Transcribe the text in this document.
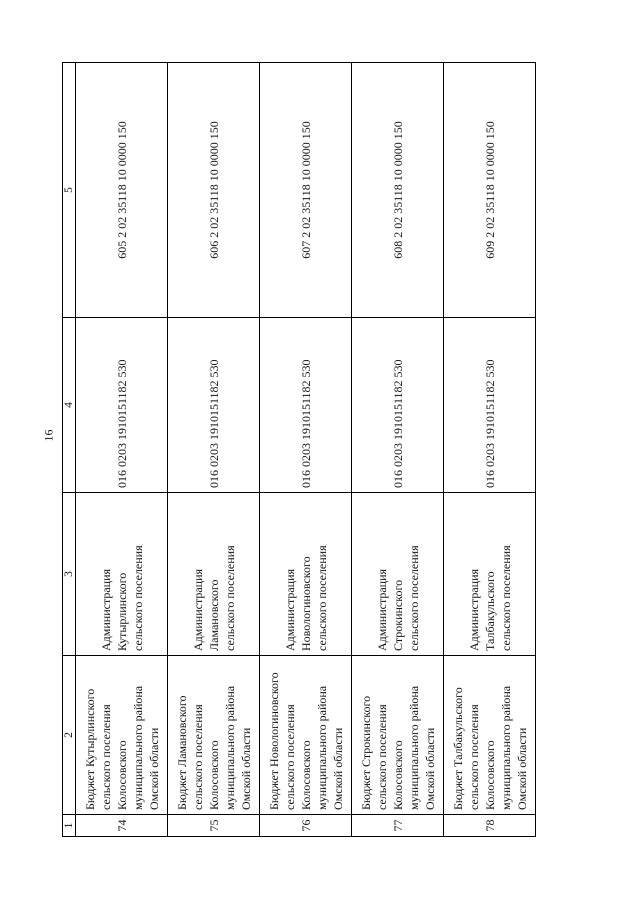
16
1	2	3	4	5
74	Бюджет Кутырлинского сельского поселения Колосовского муниципального района Омской области	Администрация Кутырлинского сельского поселения	016 0203 1910151182 530	605 2 02 35118 10 0000 150
75	Бюджет Ламановского сельского поселения Колосовского муниципального района Омской области	Администрация Ламановского сельского поселения	016 0203 1910151182 530	606 2 02 35118 10 0000 150
76	Бюджет Новологиновского сельского поселения Колосовского муниципального района Омской области	Администрация Новологиновского сельского поселения	016 0203 1910151182 530	607 2 02 35118 10 0000 150
77	Бюджет Строкинского сельского поселения Колосовского муниципального района Омской области	Администрация Строкинского сельского поселения	016 0203 1910151182 530	608 2 02 35118 10 0000 150
78	Бюджет Талбакульского сельского поселения Колосовского муниципального района Омской области	Администрация Талбакульского сельского поселения	016 0203 1910151182 530	609 2 02 35118 10 0000 150
